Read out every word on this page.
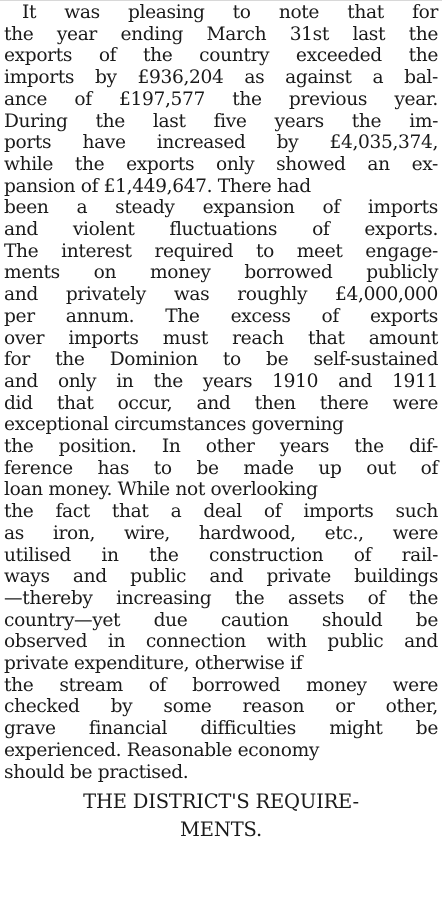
THE DISTRICT'S REQUIRE-
MENTS.
It was pleasing to note that for
the year ending March 31st last the
exports of the country exceeded the
imports by £936,204 as against a bal-
ance of £197,577 the previous year.
During the last five years the im-
ports have increased by £4,035,374,
while the exports only showed an ex-
pansion of £1,449,647. There had
been a steady expansion of imports
and violent fluctuations of exports.
The interest required to meet engage-
ments on money borrowed publicly
and privately was roughly £4,000,000
per annum. The excess of exports
over imports must reach that amount
for the Dominion to be self-sustained
and only in the years 1910 and 1911
did that occur, and then there were
exceptional circumstances governing
the position. In other years the dif-
ference has to be made up out of
loan money. While not overlooking
the fact that a deal of imports such
as iron, wire, hardwood, etc., were
utilised in the construction of rail-
ways and public and private buildings
—thereby increasing the assets of the
country—yet due caution should be
observed in connection with public and
private expenditure, otherwise if
the stream of borrowed money were
checked by some reason or other,
grave financial difficulties might be
experienced. Reasonable economy
should be practised.
